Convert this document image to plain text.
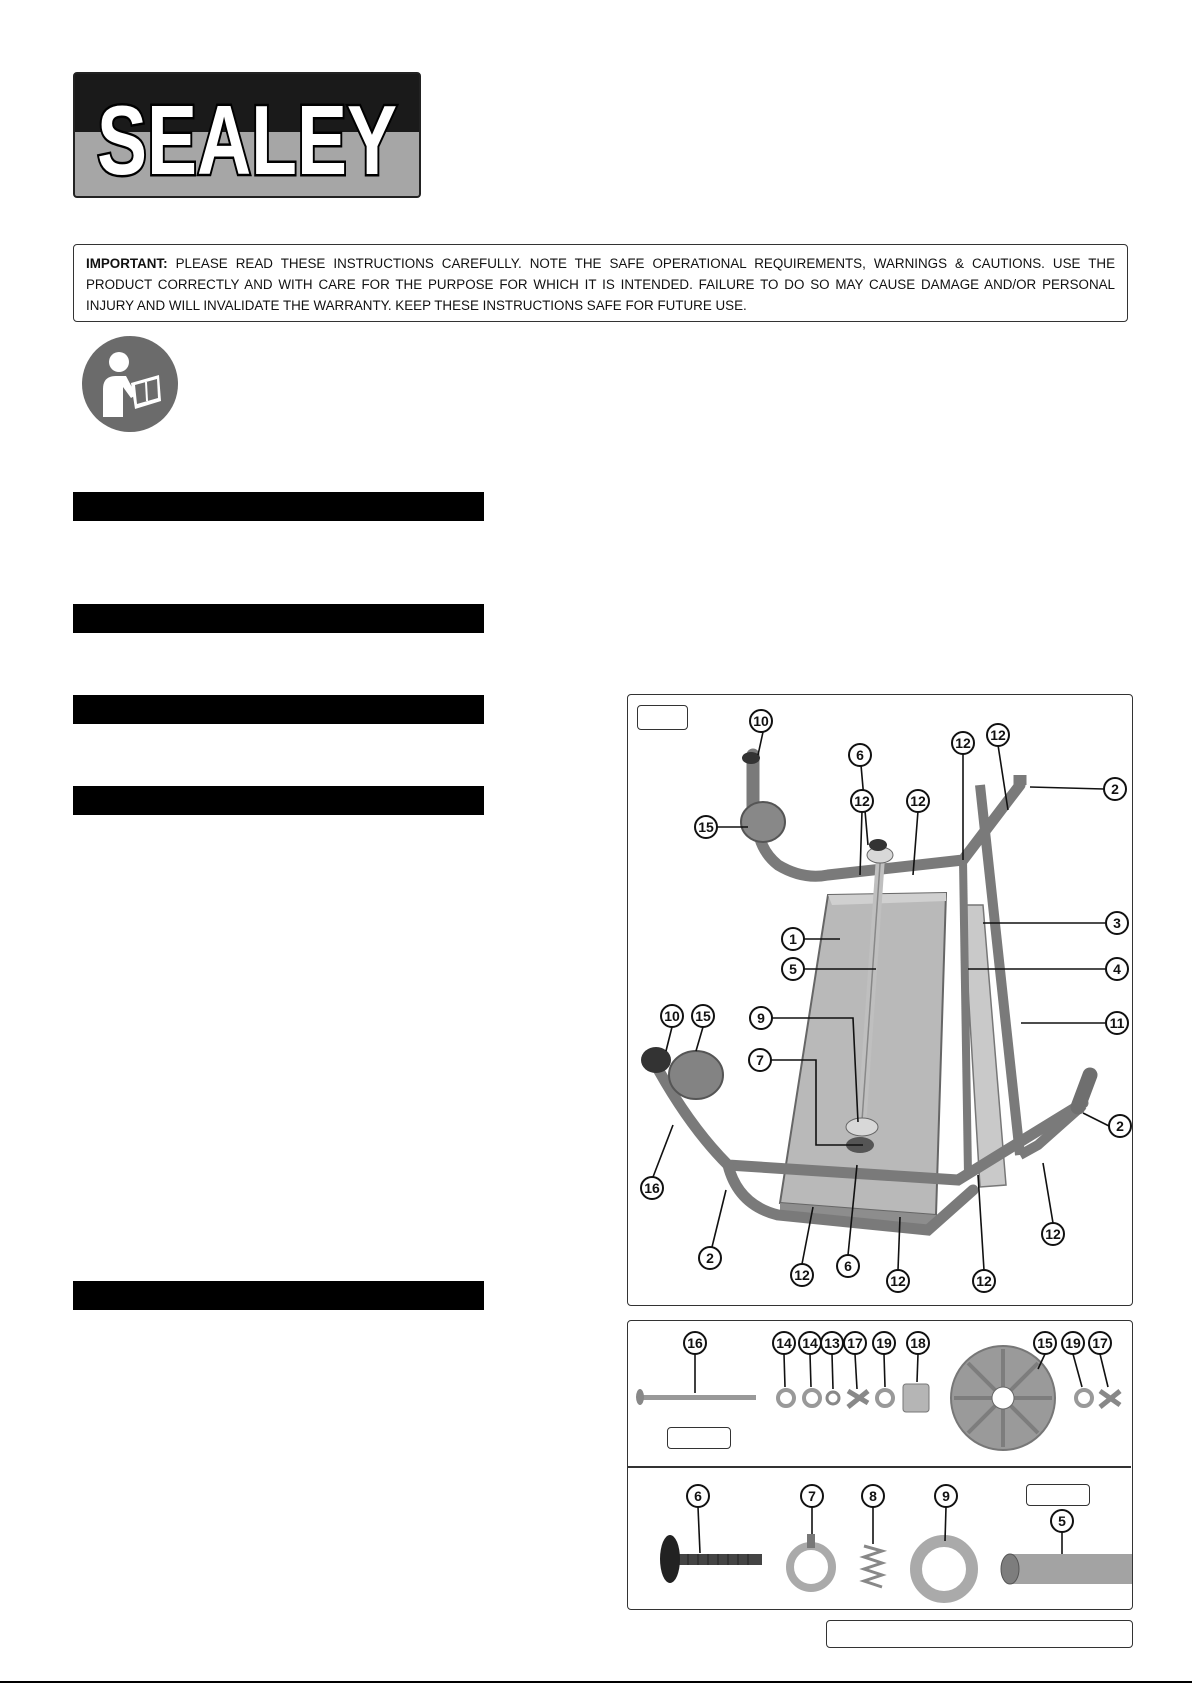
SEALEY
IMPORTANT: PLEASE READ THESE INSTRUCTIONS CAREFULLY. NOTE THE SAFE OPERATIONAL REQUIREMENTS, WARNINGS & CAUTIONS. USE THE PRODUCT CORRECTLY AND WITH CARE FOR THE PURPOSE FOR WHICH IT IS INTENDED. FAILURE TO DO SO MAY CAUSE DAMAGE AND/OR PERSONAL INJURY AND WILL INVALIDATE THE WARRANTY. KEEP THESE INSTRUCTIONS SAFE FOR FUTURE USE.
10
12 12
6
12	12
15
2
1
3
5	4
11
10 15	9
7
2
16
12
2
12
6
12	12
16	14 14 13 17 19 18	15 19 17
6	7	8	9
5
